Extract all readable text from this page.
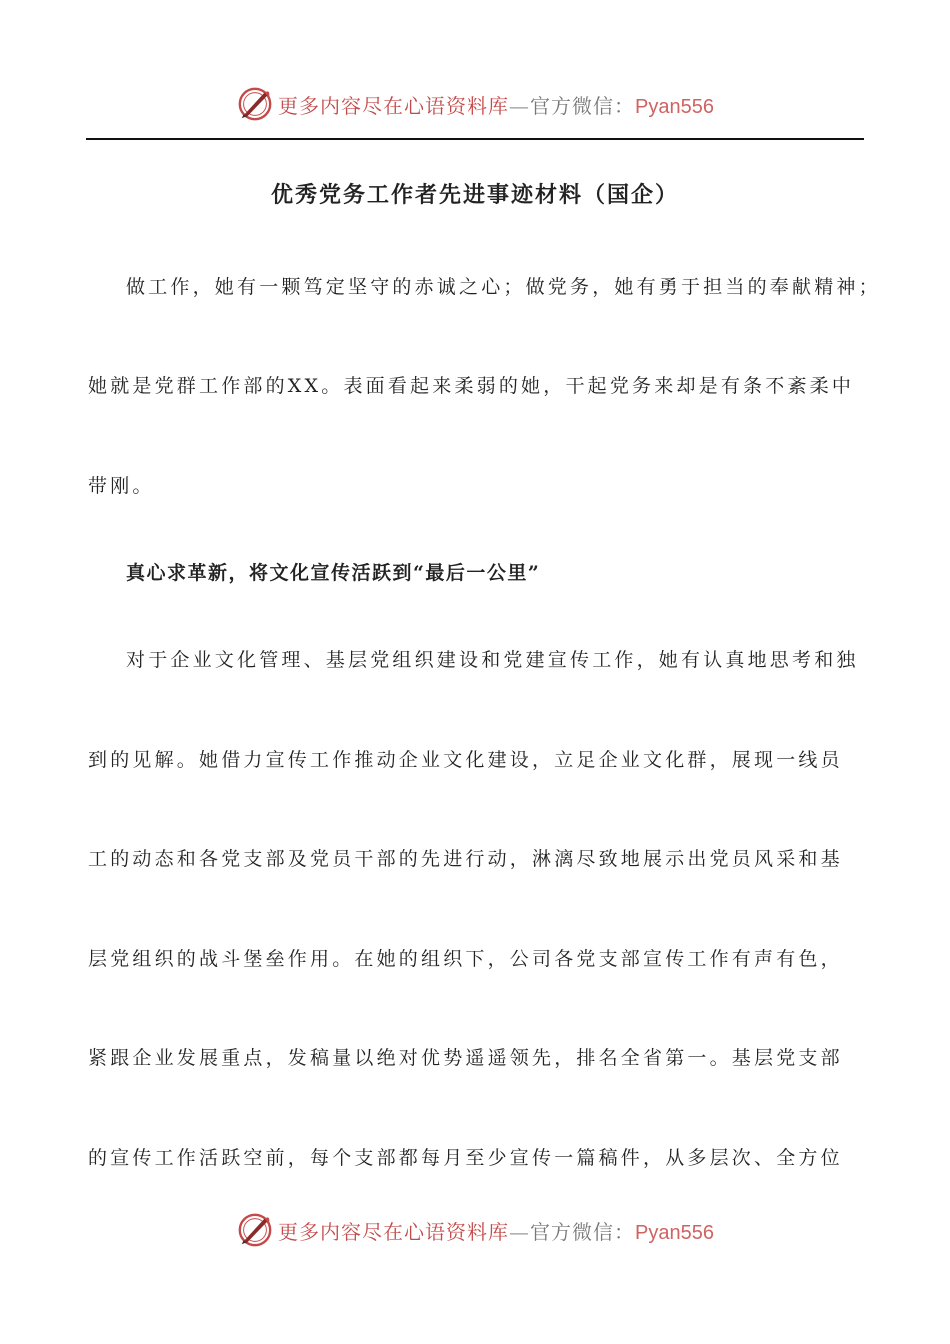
更多内容尽在心语资料库—官方微信：Pyan556
优秀党务工作者先进事迹材料（国企）
做工作，她有一颗笃定坚守的赤诚之心；做党务，她有勇于担当的奉献精神；
她就是党群工作部的XX。表面看起来柔弱的她，干起党务来却是有条不紊柔中
带刚。
真心求革新，将文化宣传活跃到“最后一公里”
对于企业文化管理、基层党组织建设和党建宣传工作，她有认真地思考和独
到的见解。她借力宣传工作推动企业文化建设，立足企业文化群，展现一线员
工的动态和各党支部及党员干部的先进行动，淋漓尽致地展示出党员风采和基
层党组织的战斗堡垒作用。在她的组织下，公司各党支部宣传工作有声有色，
紧跟企业发展重点，发稿量以绝对优势遥遥领先，排名全省第一。基层党支部
的宣传工作活跃空前，每个支部都每月至少宣传一篇稿件，从多层次、全方位
更多内容尽在心语资料库—官方微信：Pyan556
